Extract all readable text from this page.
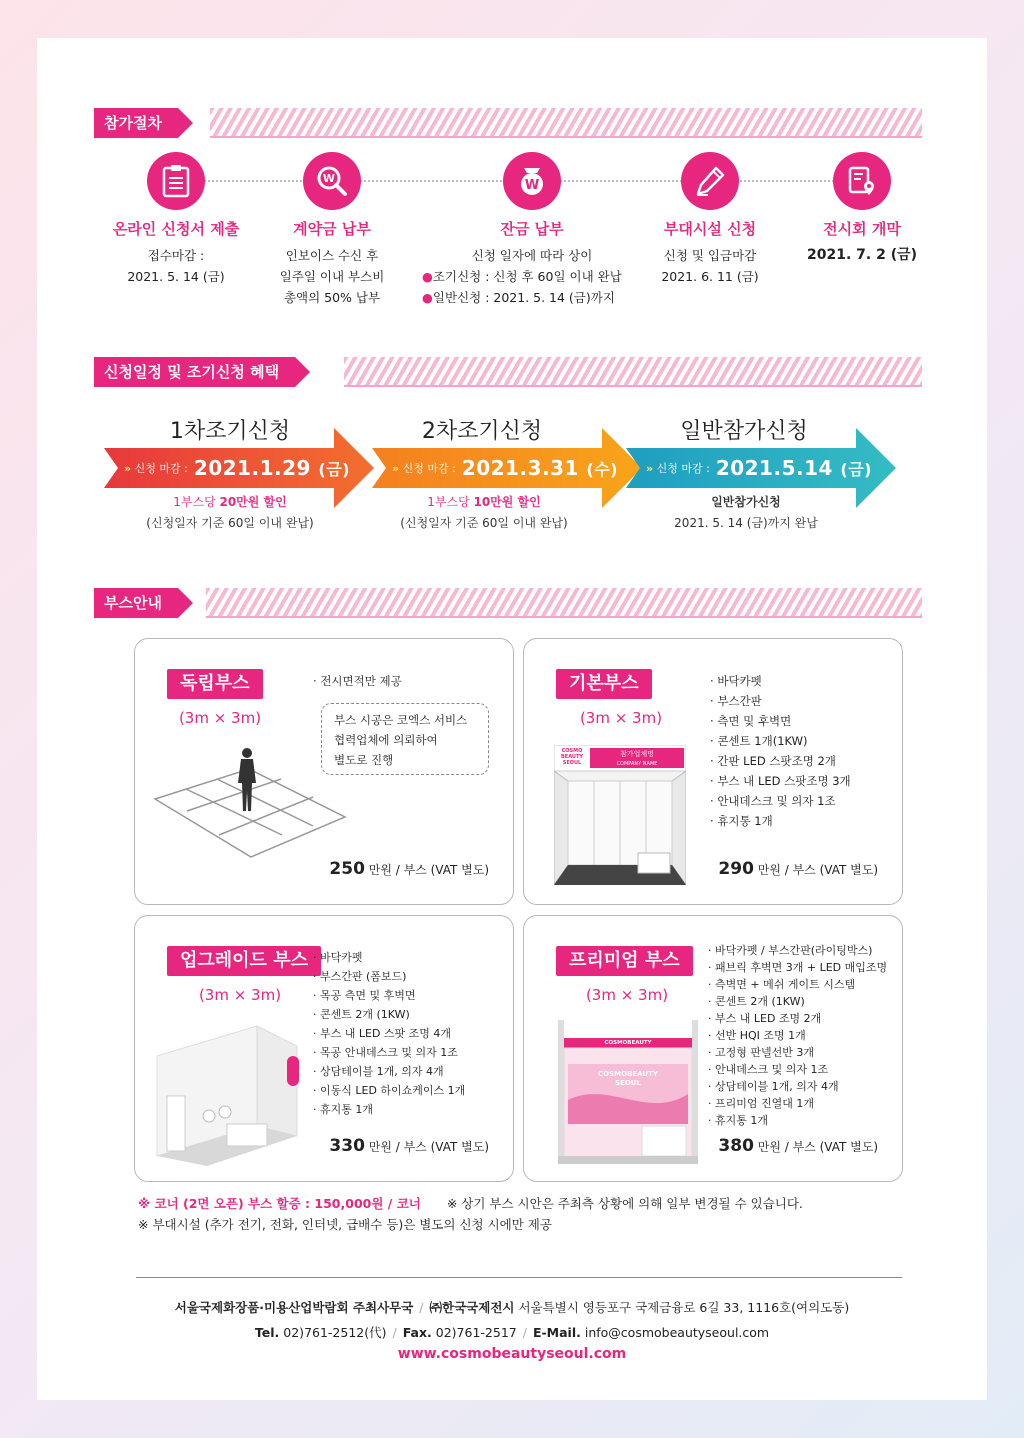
참가절차
온라인 신청서 제출
접수마감 :
2021. 5. 14 (금)
W
계약금 납부
인보이스 수신 후
일주일 이내 부스비
총액의 50% 납부
W
잔금 납부
신청 일자에 따라 상이
●조기신청 : 신청 후 60일 이내 완납
●일반신청 : 2021. 5. 14 (금)까지
부대시설 신청
신청 및 입금마감
2021. 6. 11 (금)
전시회 개막
2021. 7. 2 (금)
신청일정 및 조기신청 혜택
1차조기신청	2차조기신청	일반참가신청
» 신청 마감 : 2021.1.29 (금)	» 신청 마감 : 2021.3.31 (수)	» 신청 마감 : 2021.5.14 (금)
1부스당 20만원 할인
(신청일자 기준 60일 이내 완납)
1부스당 10만원 할인
(신청일자 기준 60일 이내 완납)
일반참가신청
2021. 5. 14 (금)까지 완납
부스안내
독립부스
(3m × 3m)
· 전시면적만 제공
부스 시공은 코엑스 서비스
협력업체에 의뢰하여
별도로 진행
250 만원 / 부스 (VAT 별도)
기본부스
(3m × 3m)
· 바닥카펫
· 부스간판
· 측면 및 후벽면
· 콘센트 1개(1KW)
· 간판 LED 스팟조명 2개
· 부스 내 LED 스팟조명 3개
· 안내데스크 및 의자 1조
· 휴지통 1개
COSMO BEAUTY SEOUL
참가업체명
COMPANY NAME
290 만원 / 부스 (VAT 별도)
업그레이드 부스
(3m × 3m)
· 바닥카펫
· 부스간판 (폼보드)
· 목공 측면 및 후벽면
· 콘센트 2개 (1KW)
· 부스 내 LED 스팟 조명 4개
· 목공 안내데스크 및 의자 1조
· 상담테이블 1개, 의자 4개
· 이동식 LED 하이쇼케이스 1개
· 휴지통 1개
330 만원 / 부스 (VAT 별도)
프리미엄 부스
(3m × 3m)
· 바닥카펫 / 부스간판(라이팅박스)
· 패브릭 후벽면 3개 + LED 매입조명
· 측벽면 + 메쉬 게이트 시스템
· 콘센트 2개 (1KW)
· 부스 내 LED 조명 2개
· 선반 HQI 조명 1개
· 고정형 판넬선반 3개
· 안내데스크 및 의자 1조
· 상담테이블 1개, 의자 4개
· 프리미엄 진열대 1개
· 휴지통 1개
COSMOBEAUTY
COSMOBEAUTY SEOUL
380 만원 / 부스 (VAT 별도)
※ 코너 (2면 오픈) 부스 할증 : 150,000원 / 코너 ※ 상기 부스 시안은 주최측 상황에 의해 일부 변경될 수 있습니다.
※ 부대시설 (추가 전기, 전화, 인터넷, 급배수 등)은 별도의 신청 시에만 제공
서울국제화장품·미용산업박람회 주최사무국 / ㈜한국국제전시 서울특별시 영등포구 국제금융로 6길 33, 1116호(여의도동)
Tel. 02)761-2512(代) / Fax. 02)761-2517 / E-Mail. info@cosmobeautyseoul.com
www.cosmobeautyseoul.com
